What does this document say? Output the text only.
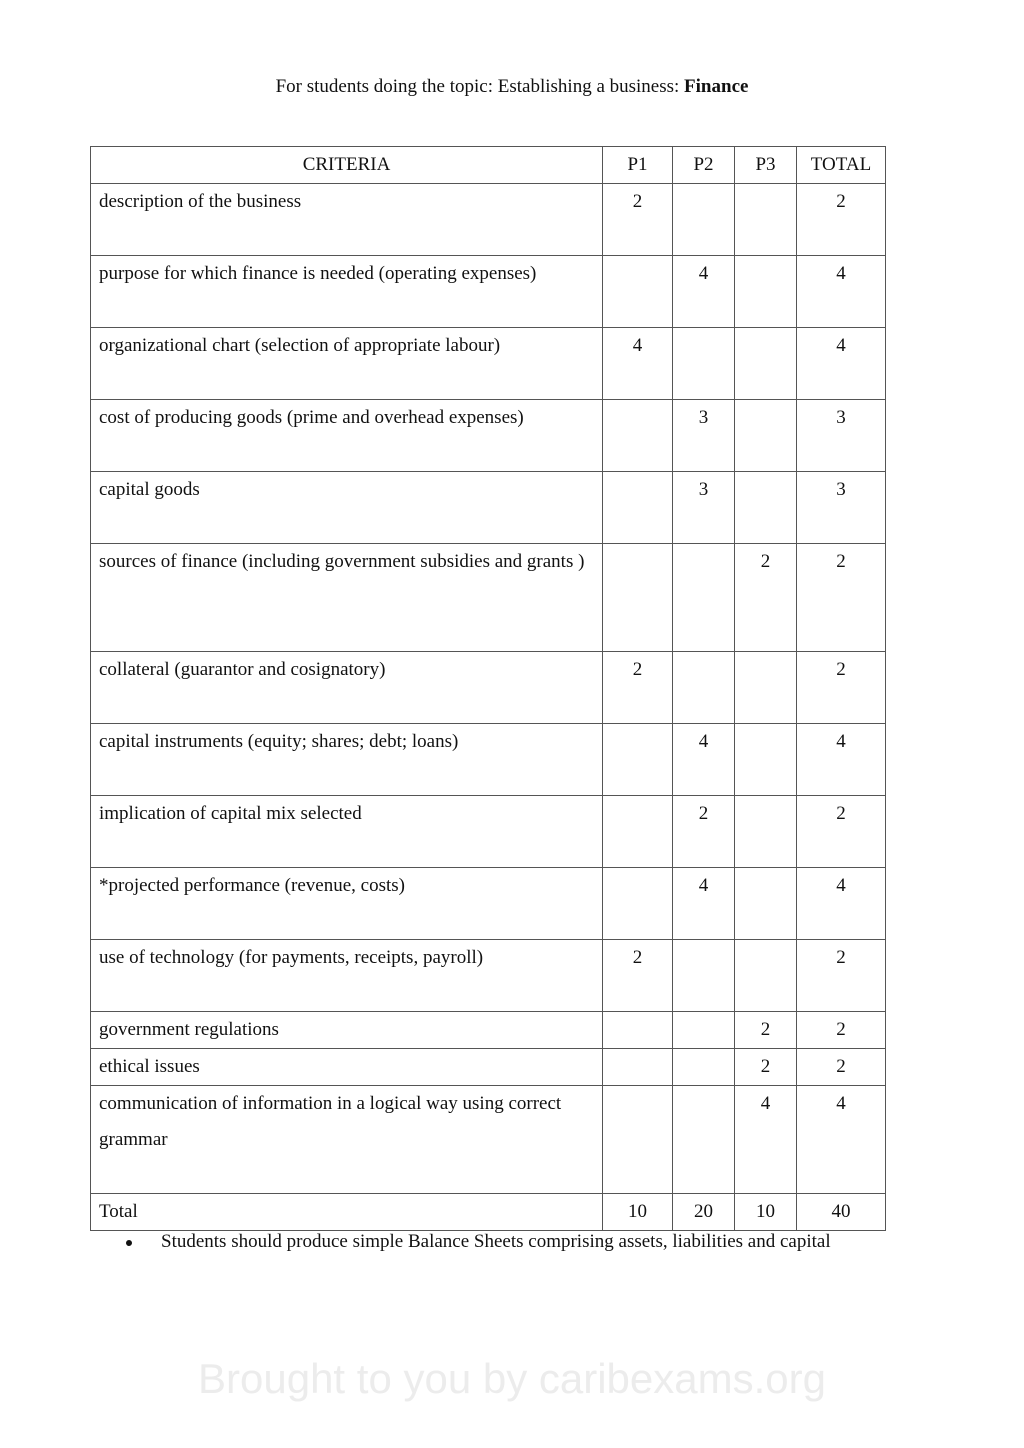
For students doing the topic: Establishing a business: Finance
CRITERIA	P1	P2	P3	TOTAL
description of the business	2			2
purpose for which finance is needed (operating expenses)		4		4
organizational chart (selection of appropriate labour)	4			4
cost of producing goods (prime and overhead expenses)		3		3
capital goods		3		3
sources of finance (including government subsidies and grants )			2	2
collateral (guarantor and cosignatory)	2			2
capital instruments (equity; shares; debt; loans)		4		4
implication of capital mix selected		2		2
*projected performance (revenue, costs)		4		4
use of technology (for payments, receipts, payroll)	2			2
government regulations			2	2
ethical issues			2	2
communication of information in a logical way using correct grammar			4	4
Total	10	20	10	40
Students should produce simple Balance Sheets comprising assets, liabilities and capital
Brought to you by caribexams.org
